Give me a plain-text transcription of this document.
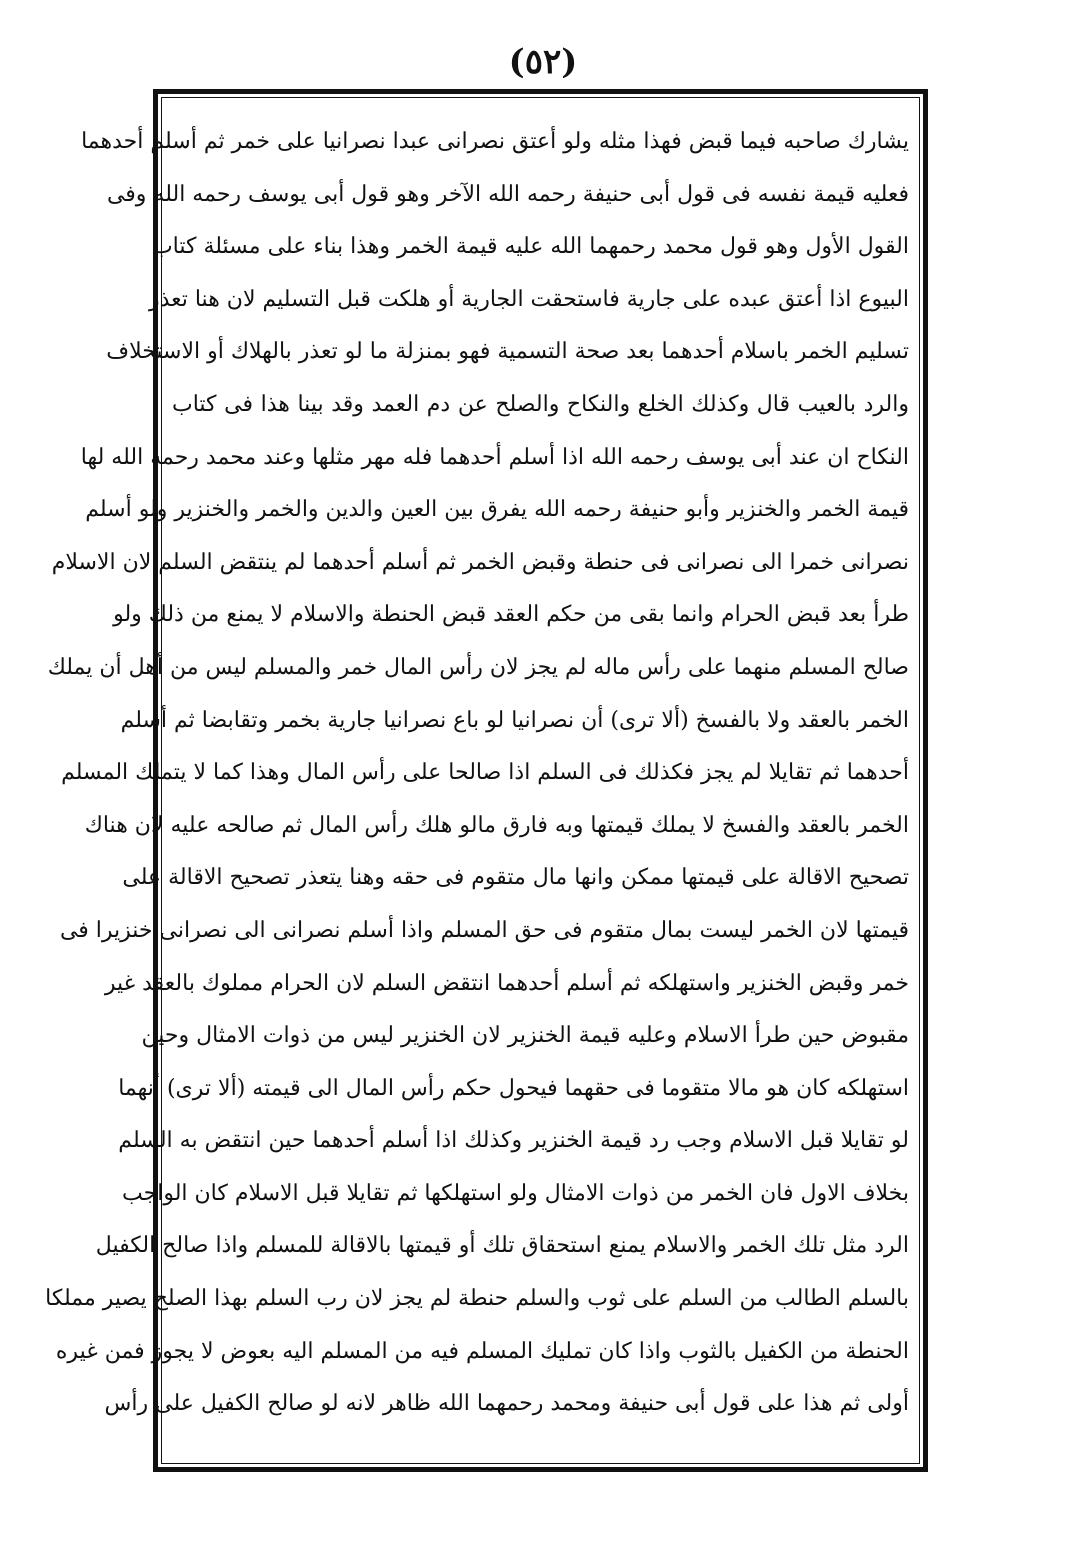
(٥٢)
يشارك صاحبه فيما قبض فهذا مثله ولو أعتق نصرانى عبدا نصرانيا على خمر ثم أسلم أحدهما
فعليه قيمة نفسه فى قول أبى حنيفة رحمه الله الآخر وهو قول أبى يوسف رحمه الله وفى
القول الأول وهو قول محمد رحمهما الله عليه قيمة الخمر وهذا بناء على مسئلة كتاب
البيوع اذا أعتق عبده على جارية فاستحقت الجارية أو هلكت قبل التسليم لان هنا تعذر
تسليم الخمر باسلام أحدهما بعد صحة التسمية فهو بمنزلة ما لو تعذر بالهلاك أو الاستخلاف
والرد بالعيب قال وكذلك الخلع والنكاح والصلح عن دم العمد وقد بينا هذا فى كتاب
النكاح ان عند أبى يوسف رحمه الله اذا أسلم أحدهما فله مهر مثلها وعند محمد رحمه الله لها
قيمة الخمر والخنزير وأبو حنيفة رحمه الله يفرق بين العين والدين والخمر والخنزير ولو أسلم
نصرانى خمرا الى نصرانى فى حنطة وقبض الخمر ثم أسلم أحدهما لم ينتقض السلم لان الاسلام
طرأ بعد قبض الحرام وانما بقى من حكم العقد قبض الحنطة والاسلام لا يمنع من ذلك ولو
صالح المسلم منهما على رأس ماله لم يجز لان رأس المال خمر والمسلم ليس من أهل أن يملك
الخمر بالعقد ولا بالفسخ (ألا ترى) أن نصرانيا لو باع نصرانيا جارية بخمر وتقابضا ثم أسلم
أحدهما ثم تقايلا لم يجز فكذلك فى السلم اذا صالحا على رأس المال وهذا كما لا يتملك المسلم
الخمر بالعقد والفسخ لا يملك قيمتها وبه فارق مالو هلك رأس المال ثم صالحه عليه لان هناك
تصحيح الاقالة على قيمتها ممكن وانها مال متقوم فى حقه وهنا يتعذر تصحيح الاقالة على
قيمتها لان الخمر ليست بمال متقوم فى حق المسلم واذا أسلم نصرانى الى نصرانى خنزيرا فى
خمر وقبض الخنزير واستهلكه ثم أسلم أحدهما انتقض السلم لان الحرام مملوك بالعقد غير
مقبوض حين طرأ الاسلام وعليه قيمة الخنزير لان الخنزير ليس من ذوات الامثال وحين
استهلكه كان هو مالا متقوما فى حقهما فيحول حكم رأس المال الى قيمته (ألا ترى) أنهما
لو تقايلا قبل الاسلام وجب رد قيمة الخنزير وكذلك اذا أسلم أحدهما حين انتقض به السلم
بخلاف الاول فان الخمر من ذوات الامثال ولو استهلكها ثم تقايلا قبل الاسلام كان الواجب
الرد مثل تلك الخمر والاسلام يمنع استحقاق تلك أو قيمتها بالاقالة للمسلم واذا صالح الكفيل
بالسلم الطالب من السلم على ثوب والسلم حنطة لم يجز لان رب السلم بهذا الصلح يصير مملكا
الحنطة من الكفيل بالثوب واذا كان تمليك المسلم فيه من المسلم اليه بعوض لا يجوز فمن غيره
أولى ثم هذا على قول أبى حنيفة ومحمد رحمهما الله ظاهر لانه لو صالح الكفيل على رأس
